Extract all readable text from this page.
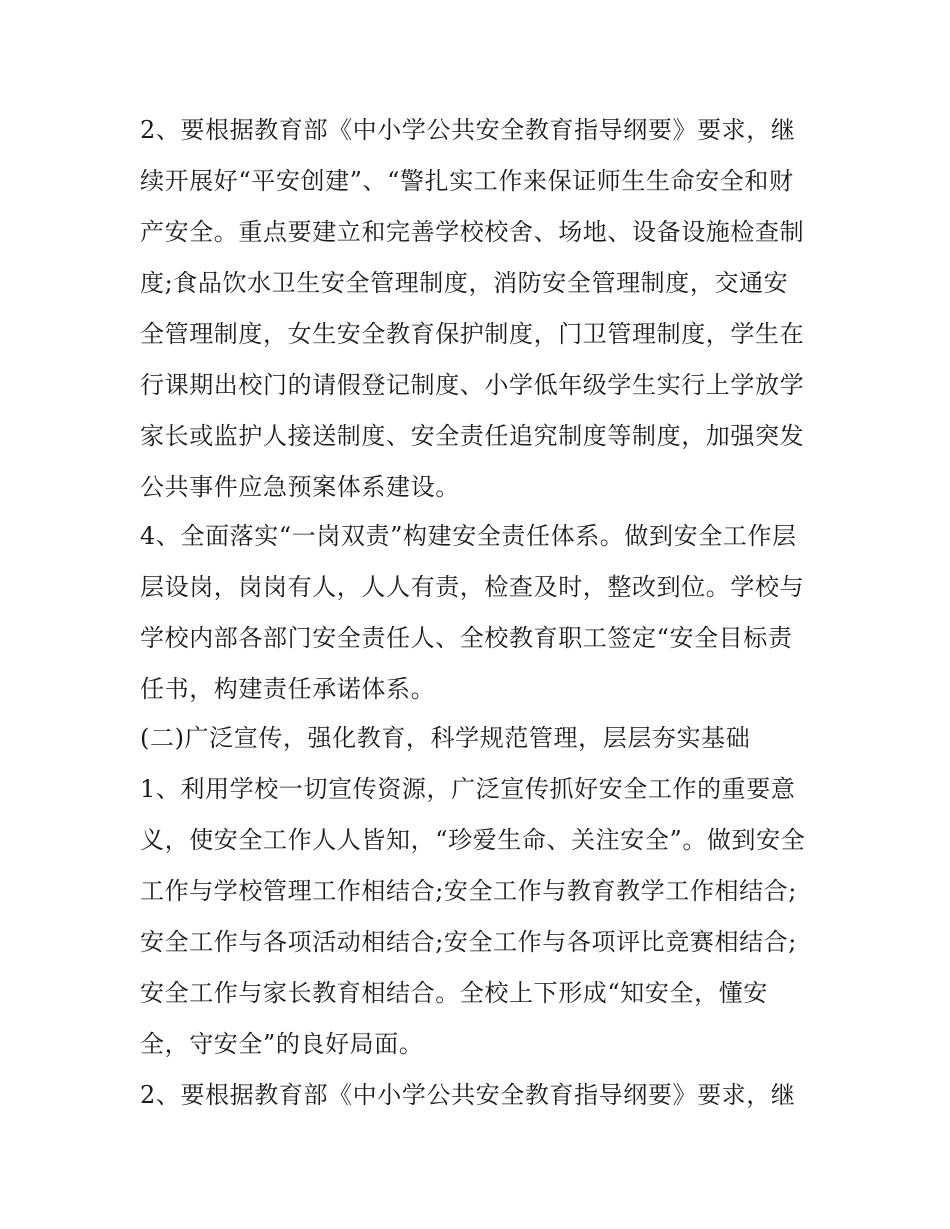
2、要根据教育部《中小学公共安全教育指导纲要》要求，继
续开展好“平安创建”、“警扎实工作来保证师生生命安全和财
产安全。重点要建立和完善学校校舍、场地、设备设施检查制
度;食品饮水卫生安全管理制度，消防安全管理制度，交通安
全管理制度，女生安全教育保护制度，门卫管理制度，学生在
行课期出校门的请假登记制度、小学低年级学生实行上学放学
家长或监护人接送制度、安全责任追究制度等制度，加强突发
公共事件应急预案体系建设。
4、全面落实“一岗双责”构建安全责任体系。做到安全工作层
层设岗，岗岗有人，人人有责，检查及时，整改到位。学校与
学校内部各部门安全责任人、全校教育职工签定“安全目标责
任书，构建责任承诺体系。
(二)广泛宣传，强化教育，科学规范管理，层层夯实基础
1、利用学校一切宣传资源，广泛宣传抓好安全工作的重要意
义，使安全工作人人皆知，“珍爱生命、关注安全”。做到安全
工作与学校管理工作相结合;安全工作与教育教学工作相结合;
安全工作与各项活动相结合;安全工作与各项评比竞赛相结合;
安全工作与家长教育相结合。全校上下形成“知安全，懂安
全，守安全”的良好局面。
2、要根据教育部《中小学公共安全教育指导纲要》要求，继
